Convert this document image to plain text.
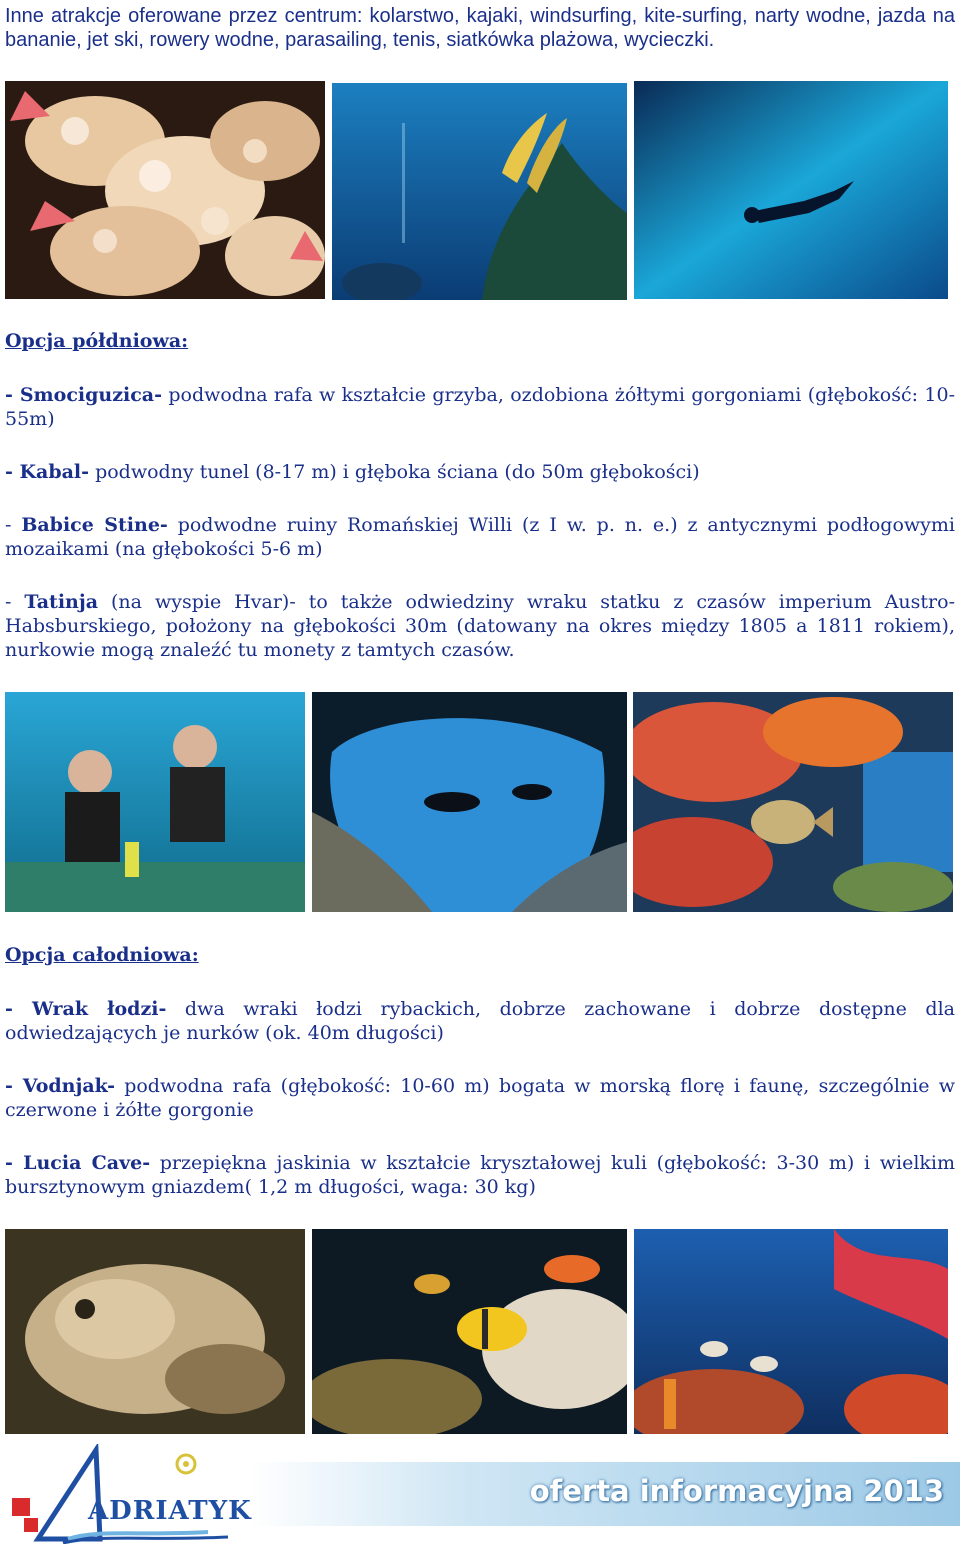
Inne atrakcje oferowane przez centrum: kolarstwo, kajaki, windsurfing, kite-surfing, narty wodne, jazda na bananie, jet ski, rowery wodne, parasailing, tenis, siatkówka plażowa, wycieczki.
Opcja półdniowa:
- Smociguzica- podwodna rafa w kształcie grzyba, ozdobiona żółtymi gorgoniami (głębokość: 10-55m)
- Kabal- podwodny tunel (8-17 m) i głęboka ściana (do 50m głębokości)
- Babice Stine- podwodne ruiny Romańskiej Willi (z I w. p. n. e.) z antycznymi podłogowymi mozaikami (na głębokości 5-6 m)
- Tatinja (na wyspie Hvar)- to także odwiedziny wraku statku z czasów imperium Austro-Habsburskiego, położony na głębokości 30m (datowany na okres między 1805 a 1811 rokiem), nurkowie mogą znaleźć tu monety z tamtych czasów.
Opcja całodniowa:
- Wrak łodzi- dwa wraki łodzi rybackich, dobrze zachowane i dobrze dostępne dla odwiedzających je nurków (ok. 40m długości)
- Vodnjak- podwodna rafa (głębokość: 10-60 m) bogata w morską florę i faunę, szczególnie w czerwone i żółte gorgonie
- Lucia Cave- przepiękna jaskinia w kształcie kryształowej kuli (głębokość: 3-30 m) i wielkim bursztynowym gniazdem( 1,2 m długości, waga: 30 kg)
oferta informacyjna 2013
ADRIATYK
